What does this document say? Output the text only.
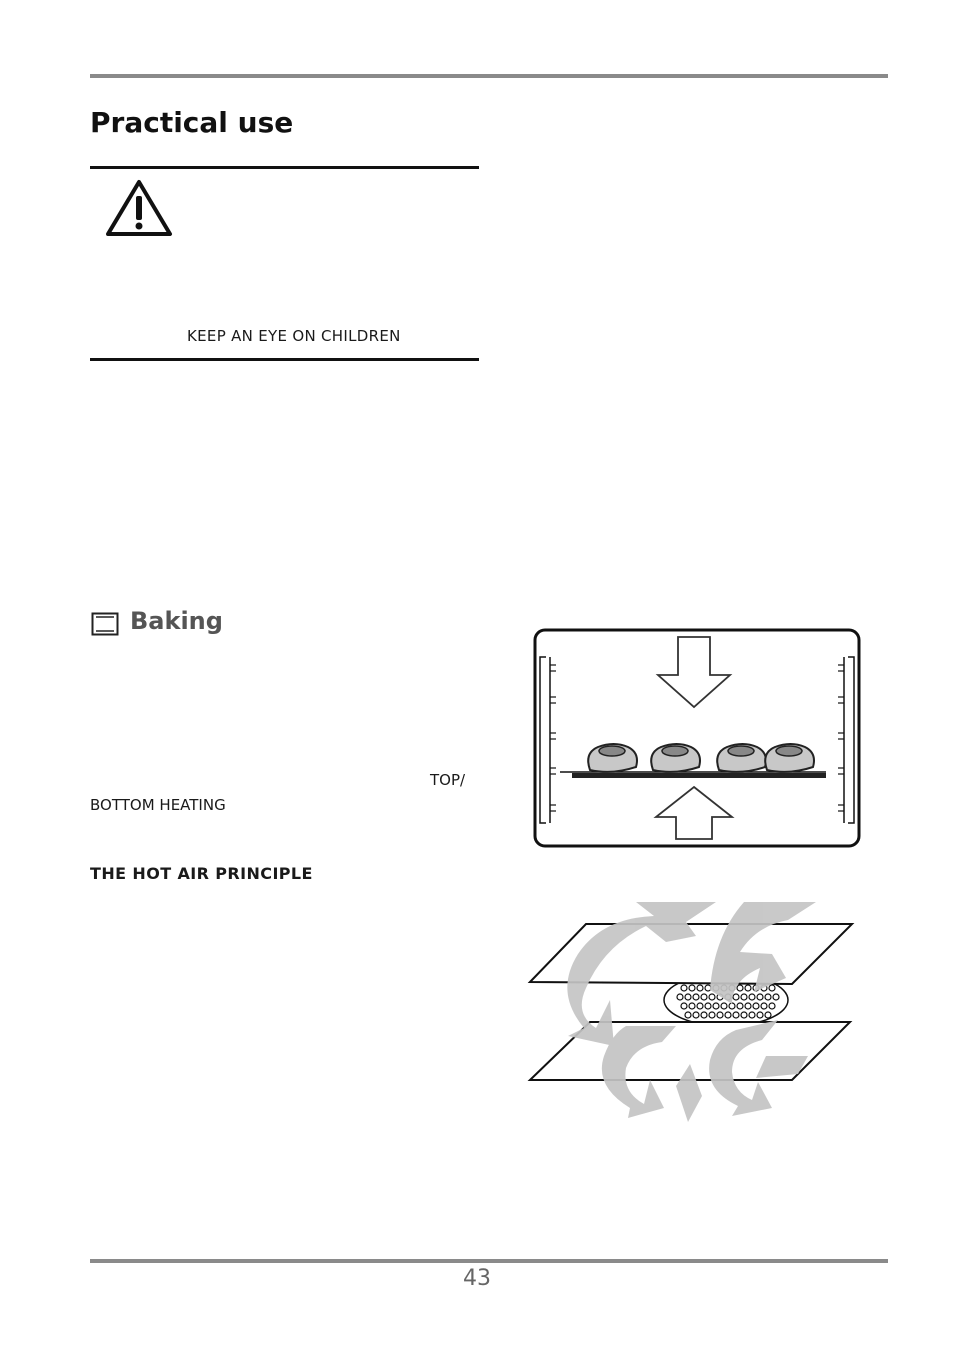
Practical use
KEEP AN EYE ON CHILDREN
Baking
TOP/
BOTTOM HEATING
THE HOT AIR PRINCIPLE
43
